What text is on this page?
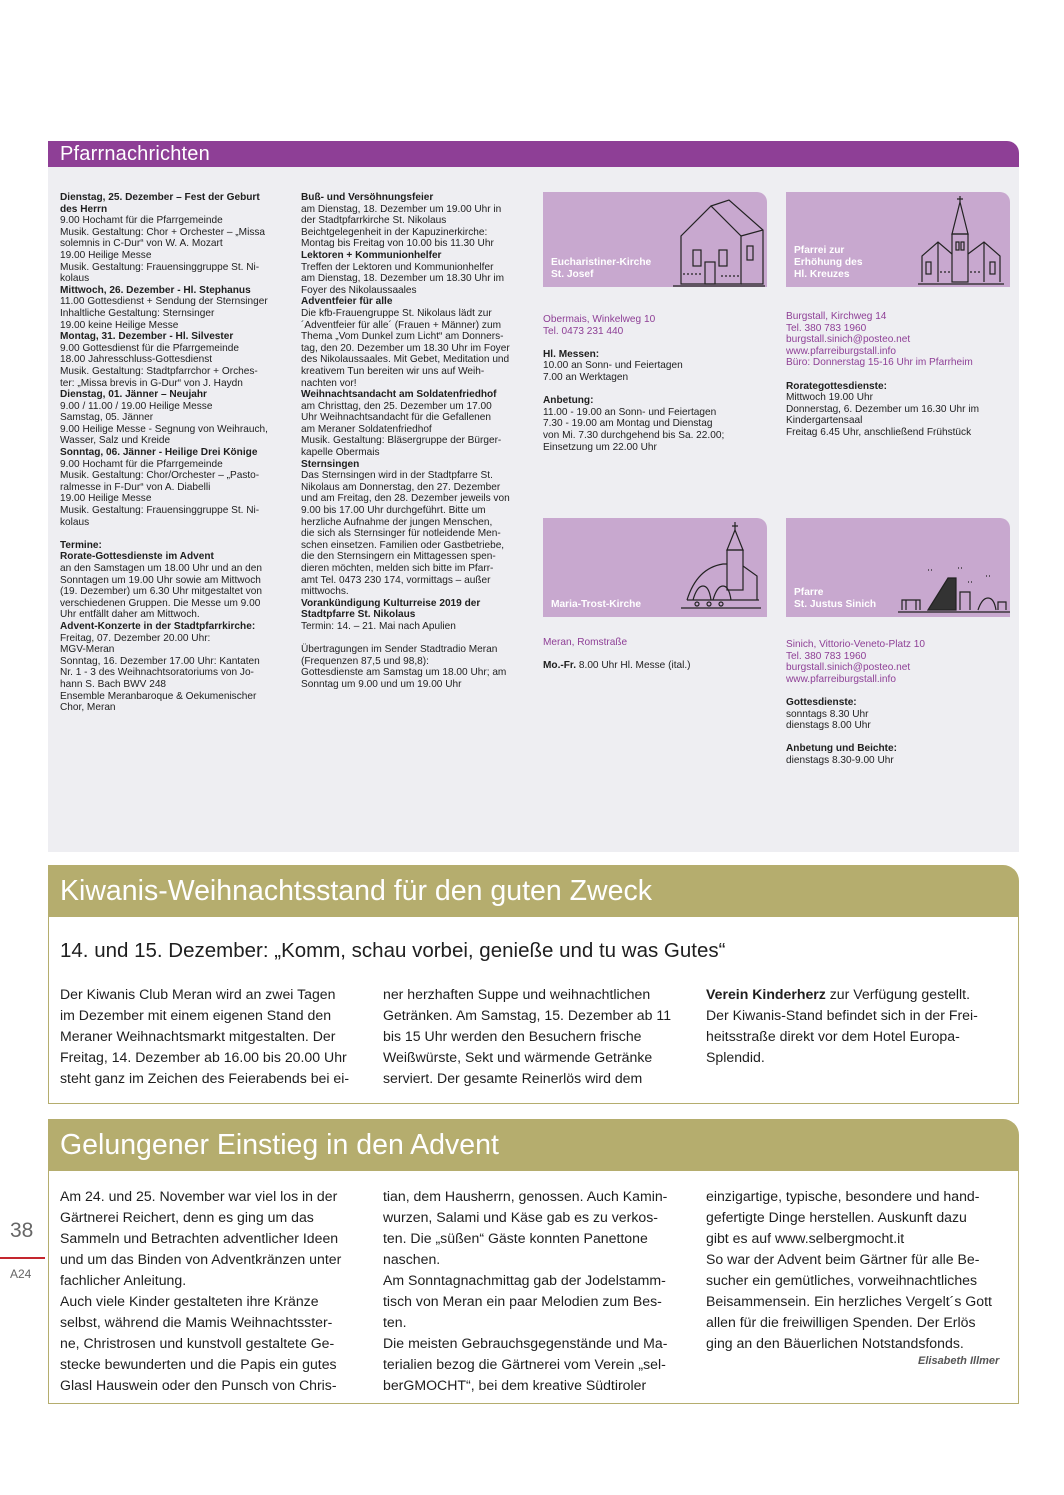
Pfarrnachrichten

Dienstag, 25. Dezember – Fest der Geburt

des Herrn

9.00 Hochamt für die Pfarrgemeinde

Musik. Gestaltung: Chor + Orchester – „Missa

solemnis in C-Dur“ von W. A. Mozart

19.00 Heilige Messe

Musik. Gestaltung: Frauensinggruppe St. Ni-

kolaus

Mittwoch, 26. Dezember - Hl. Stephanus

11.00 Gottesdienst + Sendung der Sternsinger

Inhaltliche Gestaltung: Sternsinger

19.00 keine Heilige Messe

Montag, 31. Dezember - Hl. Silvester

9.00 Gottesdienst für die Pfarrgemeinde

18.00 Jahresschluss-Gottesdienst

Musik. Gestaltung: Stadtpfarrchor + Orches-

ter: „Missa brevis in G-Dur“ von J. Haydn

Dienstag, 01. Jänner – Neujahr

9.00 / 11.00 / 19.00 Heilige Messe

Samstag, 05. Jänner

9.00 Heilige Messe - Segnung von Weihrauch,

Wasser, Salz und Kreide

Sonntag, 06. Jänner - Heilige Drei Könige

9.00 Hochamt für die Pfarrgemeinde

Musik. Gestaltung: Chor/Orchester – „Pasto-

ralmesse in F-Dur“ von A. Diabelli

19.00 Heilige Messe

Musik. Gestaltung: Frauensinggruppe St. Ni-

kolaus

Termine:

Rorate-Gottesdienste im Advent

an den Samstagen um 18.00 Uhr und an den

Sonntagen um 19.00 Uhr sowie am Mittwoch

(19. Dezember) um 6.30 Uhr mitgestaltet von

verschiedenen Gruppen. Die Messe um 9.00

Uhr entfällt daher am Mittwoch.

Advent-Konzerte in der Stadtpfarrkirche:

Freitag, 07. Dezember 20.00 Uhr:

MGV-Meran

Sonntag, 16. Dezember 17.00 Uhr: Kantaten

Nr. 1 - 3 des Weihnachtsoratoriums von Jo-

hann S. Bach BWV 248

Ensemble Meranbaroque & Oekumenischer

Chor, Meran

Buß- und Versöhnungsfeier

am Dienstag, 18. Dezember um 19.00 Uhr in

der Stadtpfarrkirche St. Nikolaus

Beichtgelegenheit in der Kapuzinerkirche:

Montag bis Freitag von 10.00 bis 11.30 Uhr

Lektoren + Kommunionhelfer

Treffen der Lektoren und Kommunionhelfer

am Dienstag, 18. Dezember um 18.30 Uhr im

Foyer des Nikolaussaales

Adventfeier für alle

Die kfb-Frauengruppe St. Nikolaus lädt zur

´Adventfeier für alle´ (Frauen + Männer) zum

Thema „Vom Dunkel zum Licht“ am Donners-

tag, den 20. Dezember um 18.30 Uhr im Foyer

des Nikolaussaales. Mit Gebet, Meditation und

kreativem Tun bereiten wir uns auf Weih-

nachten vor!

Weihnachtsandacht am Soldatenfriedhof

am Christtag, den 25. Dezember um 17.00

Uhr Weihnachtsandacht für die Gefallenen

am Meraner Soldatenfriedhof

Musik. Gestaltung: Bläsergruppe der Bürger-

kapelle Obermais

Sternsingen

Das Sternsingen wird in der Stadtpfarre St.

Nikolaus am Donnerstag, den 27. Dezember

und am Freitag, den 28. Dezember jeweils von

9.00 bis 17.00 Uhr durchgeführt. Bitte um

herzliche Aufnahme der jungen Menschen,

die sich als Sternsinger für notleidende Men-

schen einsetzen. Familien oder Gastbetriebe,

die den Sternsingern ein Mittagessen spen-

dieren möchten, melden sich bitte im Pfarr-

amt Tel. 0473 230 174, vormittags – außer

mittwochs.

Vorankündigung Kulturreise 2019 der

Stadtpfarre St. Nikolaus

Termin: 14. – 21. Mai nach Apulien

Übertragungen im Sender Stadtradio Meran

(Frequenzen 87,5 und 98,8):

Gottesdienste am Samstag um 18.00 Uhr; am

Sonntag um 9.00 und um 19.00 Uhr

Eucharistiner-Kirche
St. Josef

Obermais, Winkelweg 10

Tel. 0473 231 440

Hl. Messen:

10.00 an Sonn- und Feiertagen

7.00 an Werktagen

Anbetung:

11.00 - 19.00 an Sonn- und Feiertagen

7.30 - 19.00 am Montag und Dienstag

von Mi. 7.30 durchgehend bis Sa. 22.00;

Einsetzung um 22.00 Uhr

Pfarrei zur
Erhöhung des
Hl. Kreuzes

Burgstall, Kirchweg 14

Tel. 380 783 1960

burgstall.sinich@posteo.net

www.pfarreiburgstall.info

Büro: Donnerstag 15-16 Uhr im Pfarrheim

Rorategottesdienste:

Mittwoch 19.00 Uhr

Donnerstag, 6. Dezember um 16.30 Uhr im

Kindergartensaal

Freitag 6.45 Uhr, anschließend Frühstück

Maria-Trost-Kirche

Meran, Romstraße

Mo.-Fr. 8.00 Uhr Hl. Messe (ital.)

Pfarre
St. Justus Sinich

Sinich, Vittorio-Veneto-Platz 10

Tel. 380 783 1960

burgstall.sinich@posteo.net

www.pfarreiburgstall.info

Gottesdienste:

sonntags 8.30 Uhr

dienstags 8.00 Uhr

Anbetung und Beichte:

dienstags 8.30-9.00 Uhr

Kiwanis-Weihnachtsstand für den guten Zweck
14. und 15. Dezember: „Komm, schau vorbei, genieße und tu was Gutes“

Der Kiwanis Club Meran wird an zwei Tagen

im Dezember mit einem eigenen Stand den

Meraner Weihnachtsmarkt mitgestalten. Der

Freitag, 14. Dezember ab 16.00 bis 20.00 Uhr

steht ganz im Zeichen des Feierabends bei ei-

ner herzhaften Suppe und weihnachtlichen

Getränken. Am Samstag, 15. Dezember ab 11

bis 15 Uhr werden den Besuchern frische

Weißwürste, Sekt und wärmende Getränke

serviert. Der gesamte Reinerlös wird dem

Verein Kinderherz zur Verfügung gestellt.

Der Kiwanis-Stand befindet sich in der Frei-

heitsstraße direkt vor dem Hotel Europa-

Splendid.

Gelungener Einstieg in den Advent

Am 24. und 25. November war viel los in der

Gärtnerei Reichert, denn es ging um das

Sammeln und Betrachten adventlicher Ideen

und um das Binden von Adventkränzen unter

fachlicher Anleitung.

Auch viele Kinder gestalteten ihre Kränze

selbst, während die Mamis Weihnachtsster-

ne, Christrosen und kunstvoll gestaltete Ge-

stecke bewunderten und die Papis ein gutes

Glasl Hauswein oder den Punsch von Chris-

tian, dem Hausherrn, genossen. Auch Kamin-

wurzen, Salami und Käse gab es zu verkos-

ten. Die „süßen“ Gäste konnten Panettone

naschen.

Am Sonntagnachmittag gab der Jodelstamm-

tisch von Meran ein paar Melodien zum Bes-

ten.

Die meisten Gebrauchsgegenstände und Ma-

terialien bezog die Gärtnerei vom Verein „sel-

berGMOCHT“, bei dem kreative Südtiroler

einzigartige, typische, besondere und hand-

gefertigte Dinge herstellen. Auskunft dazu

gibt es auf www.selbergmocht.it

So war der Advent beim Gärtner für alle Be-

sucher ein gemütliches, vorweihnachtliches

Beisammensein. Ein herzliches Vergelt´s Gott

allen für die freiwilligen Spenden. Der Erlös

ging an den Bäuerlichen Notstandsfonds.

Elisabeth Illmer
38
A24
